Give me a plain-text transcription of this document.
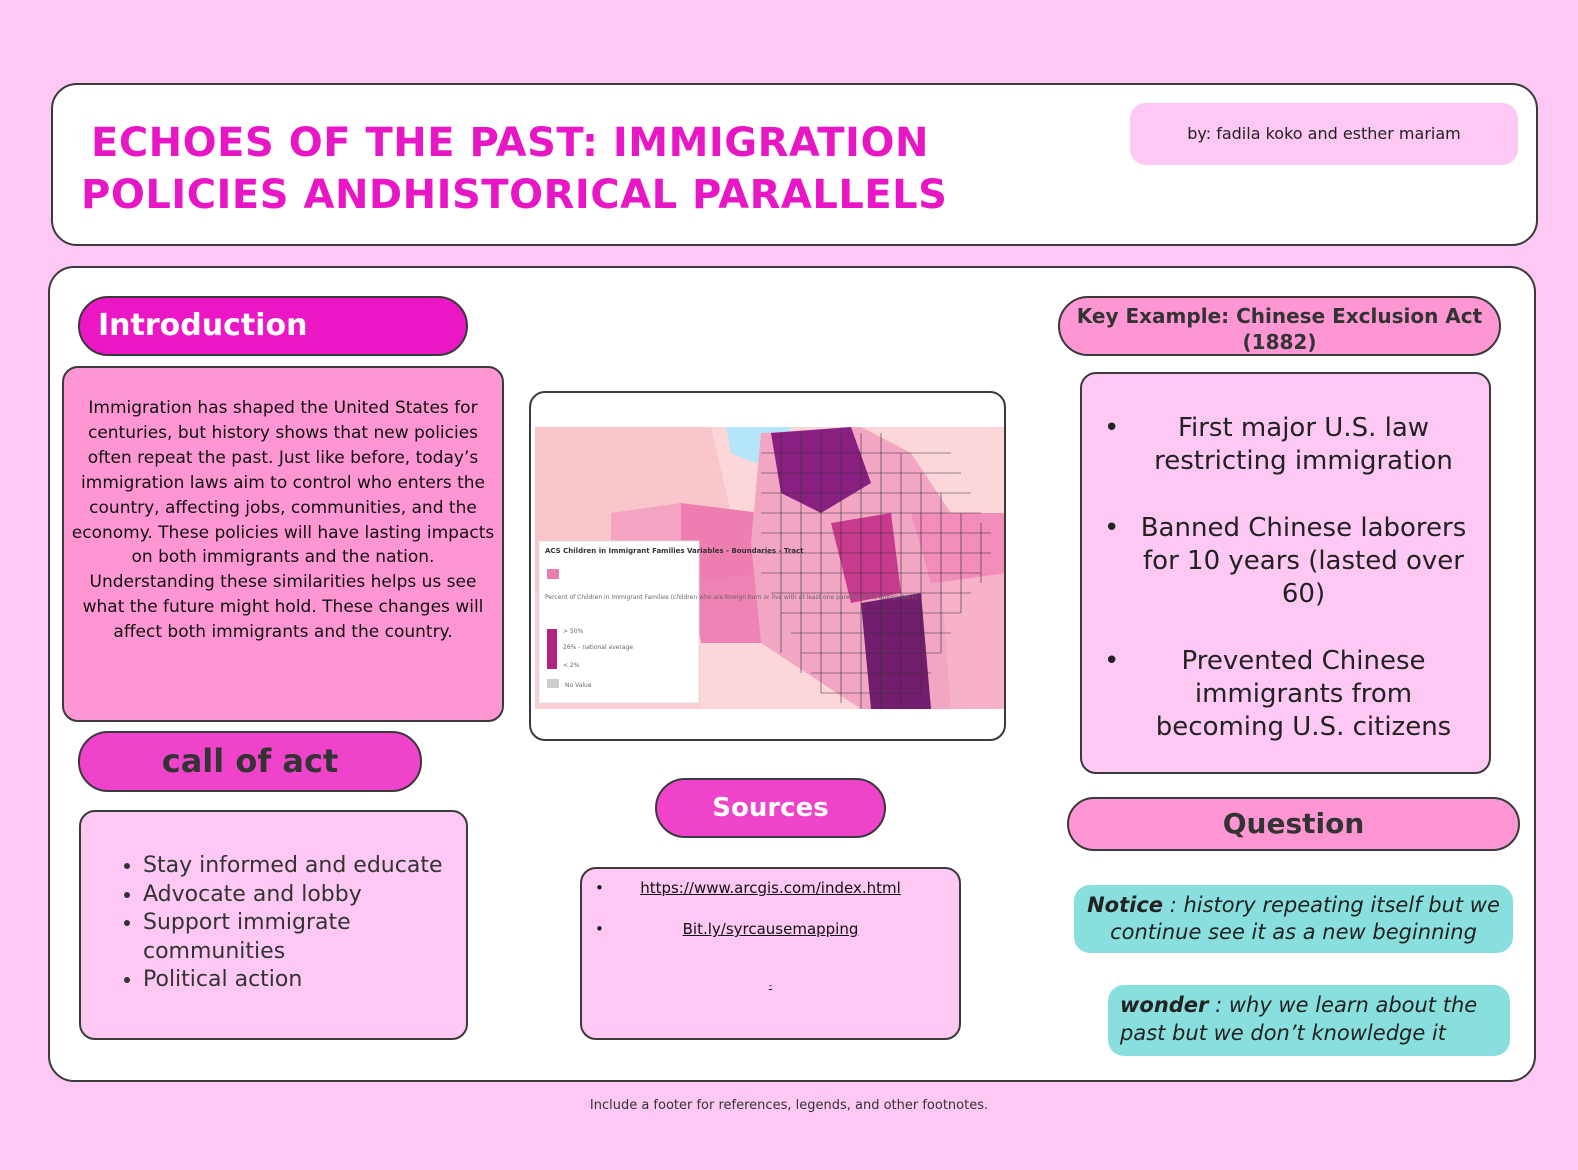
ECHOES OF THE PAST: IMMIGRATION
POLICIES ANDHISTORICAL PARALLELS
by: fadila koko and esther mariam
Introduction
Immigration has shaped the United States for centuries, but history shows that new policies often repeat the past. Just like before, today’s immigration laws aim to control who enters the country, affecting jobs, communities, and the economy. These policies will have lasting impacts on both immigrants and the nation. Understanding these similarities helps us see what the future might hold. These changes will affect both immigrants and the country.
call of act
• Stay informed and educate
• Advocate and lobby
• Support immigrate communities
• Political action
ACS Children in Immigrant Families Variables - Boundaries - Tract
Percent of Children in Immigrant Families (children who are foreign born or live with at least one parent who is foreign born)
> 50%
26% - national average
< 2%
No Value
Sources
•	https://www.arcgis.com/index.html
•	Bit.ly/syrcausemapping
-
Key Example: Chinese Exclusion Act (1882)
•	First major U.S. law restricting immigration
• Banned Chinese laborers for 10 years (lasted over 60)
•	Prevented Chinese immigrants from becoming U.S. citizens
Question
Notice : history repeating itself but we continue see it as a new beginning
wonder : why we learn about the past but we don’t knowledge it
Include a footer for references, legends, and other footnotes.
